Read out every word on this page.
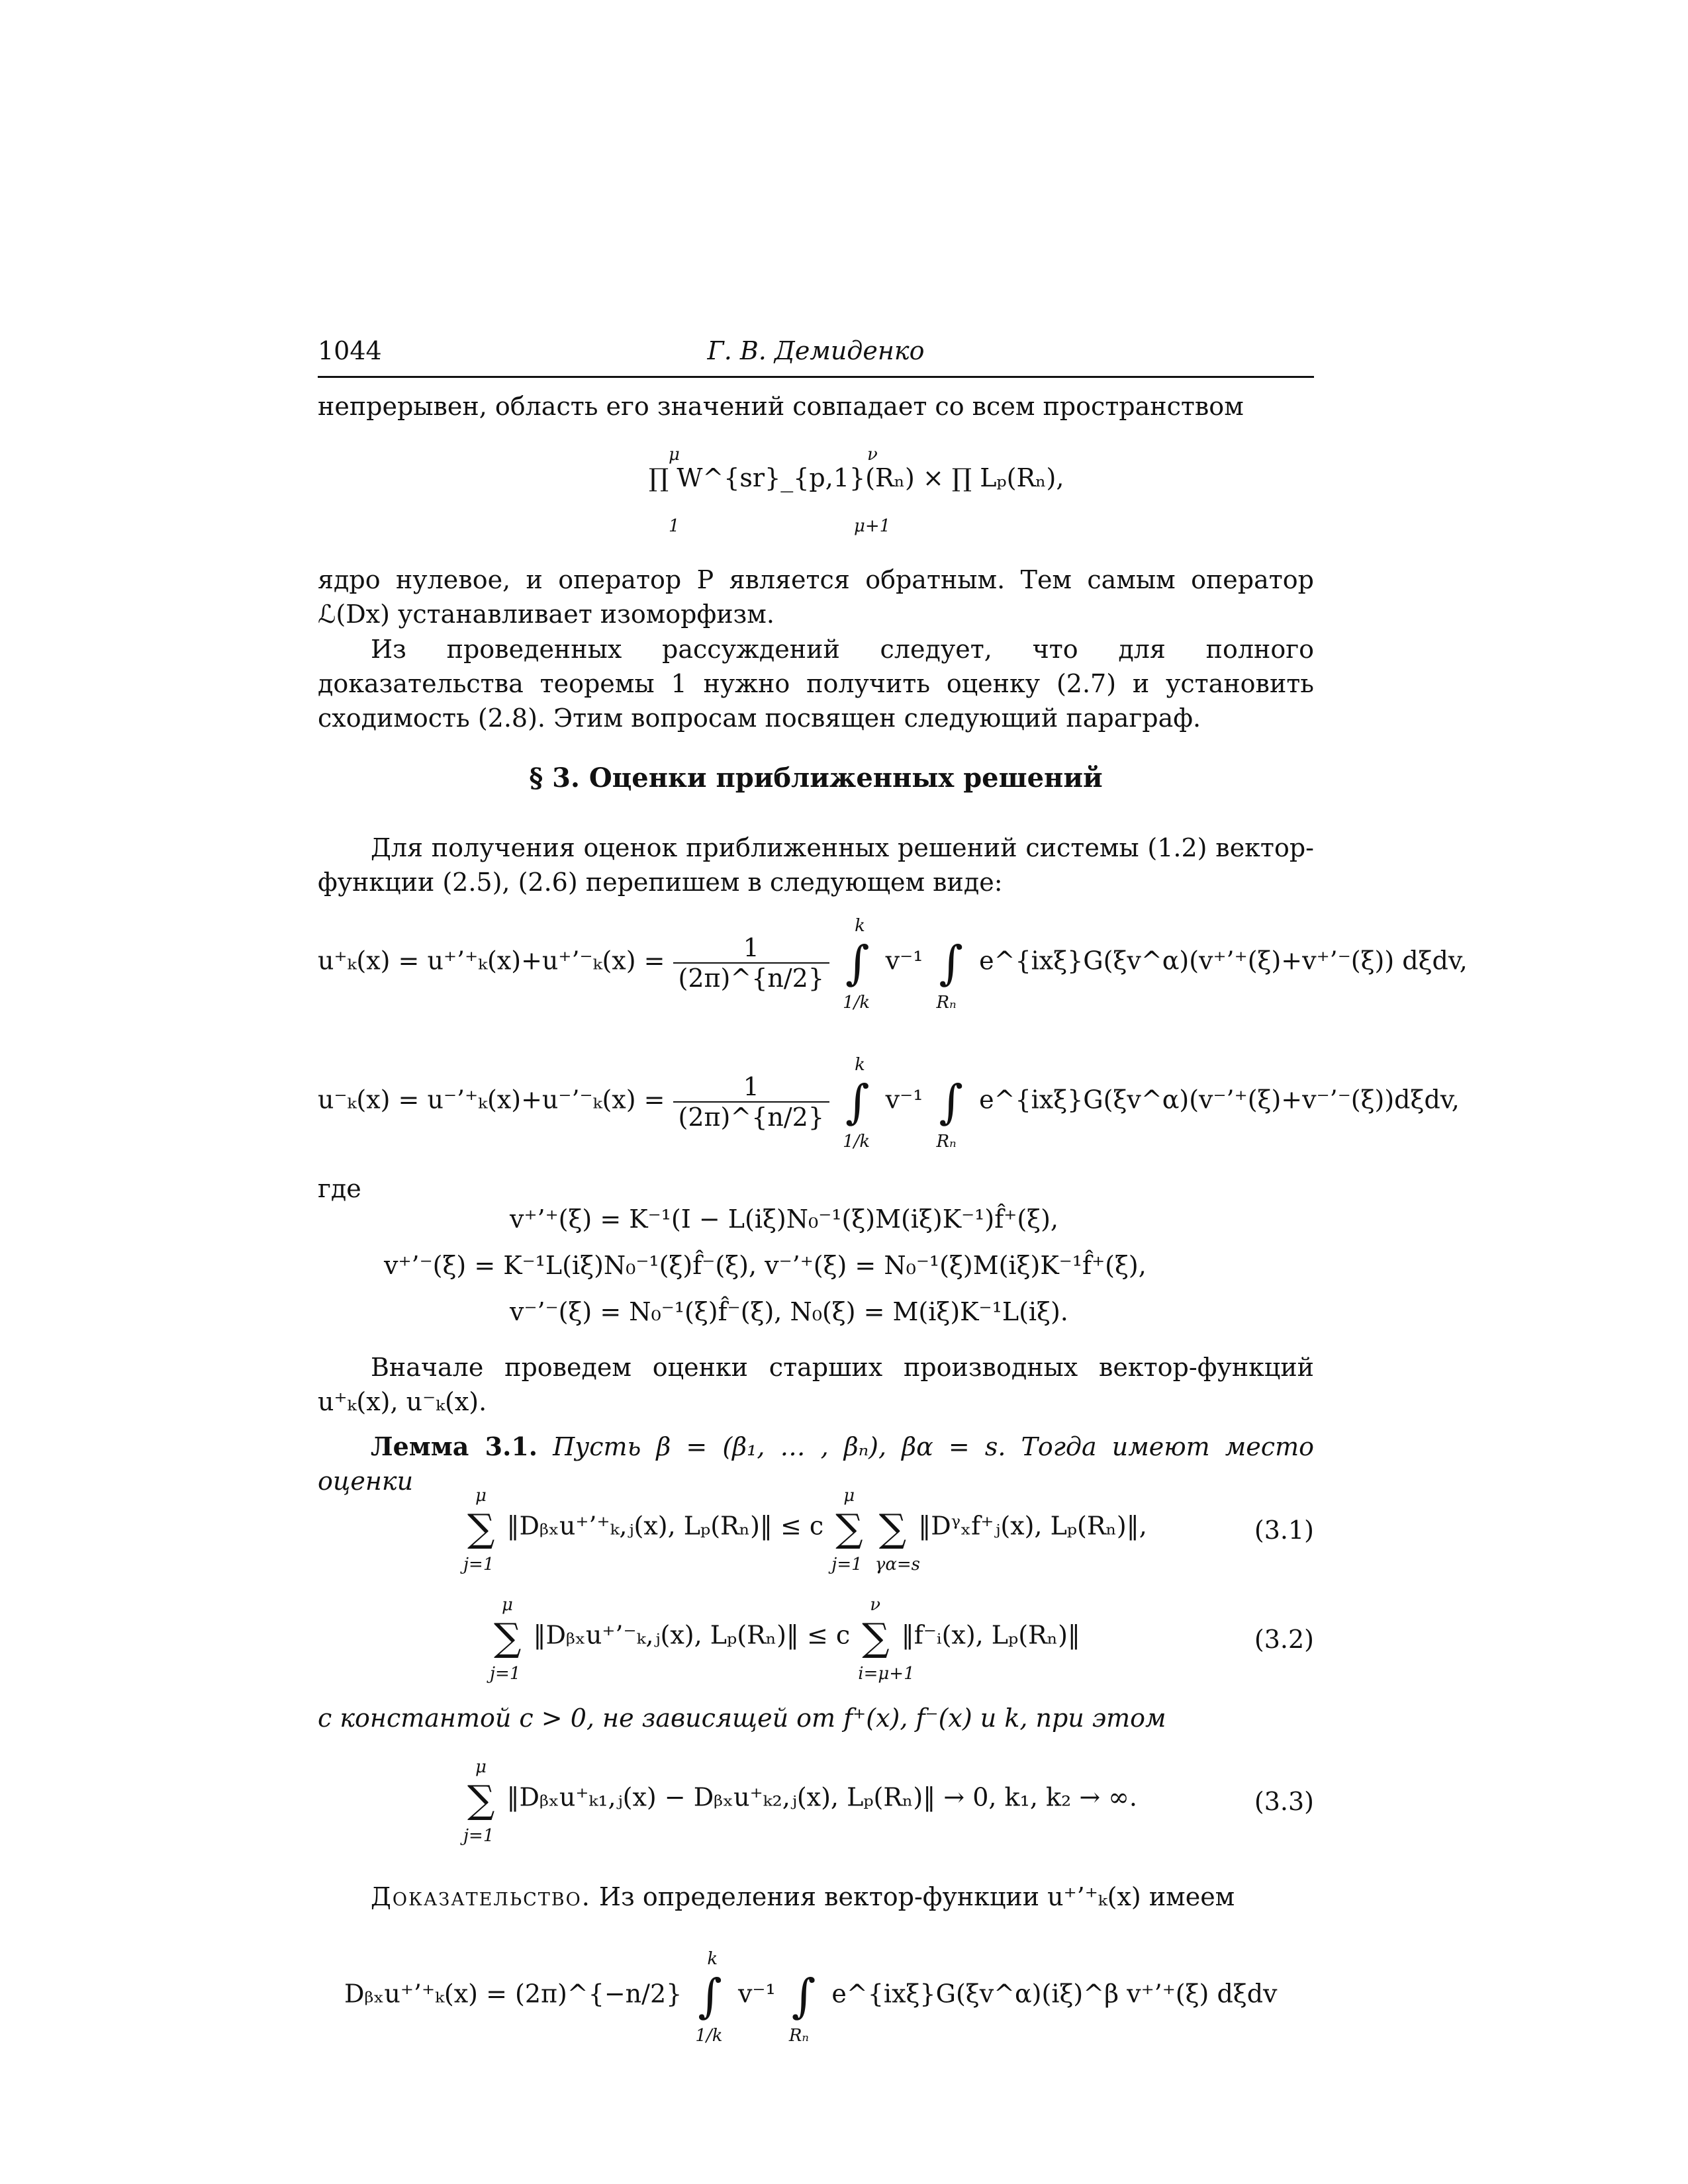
1044	Г. В. Демиденко
непрерывен, область его значений совпадает со всем пространством
∏ W^{sr}_{p,1}(Rₙ) × ∏ Lₚ(Rₙ),
μ
1
ν
μ+1
ядро нулевое, и оператор P является обратным. Тем самым оператор ℒ(Dx) устанавливает изоморфизм.
Из проведенных рассуждений следует, что для полного доказательства теоремы 1 нужно получить оценку (2.7) и установить сходимость (2.8). Этим вопросам посвящен следующий параграф.
§ 3. Оценки приближенных решений
Для получения оценок приближенных решений системы (1.2) вектор-функции (2.5), (2.6) перепишем в следующем виде:
u⁺ₖ(x) = u⁺’⁺ₖ(x)+u⁺’⁻ₖ(x) = $\frac{1}{(2\pi)\^{}\{n/2\}}$ ∫
k
1/k
v⁻¹ ∫
Rₙ
e^{ixξ}G(ξv^α)(v⁺’⁺(ξ)+v⁺’⁻(ξ)) dξdv,
u⁻ₖ(x) = u⁻’⁺ₖ(x)+u⁻’⁻ₖ(x) = $\frac{1}{(2\pi)\^{}\{n/2\}}$ ∫
k
1/k
v⁻¹ ∫
Rₙ
e^{ixξ}G(ξv^α)(v⁻’⁺(ξ)+v⁻’⁻(ξ))dξdv,
где
v⁺’⁺(ξ) = K⁻¹(I − L(iξ)N₀⁻¹(ξ)M(iξ)K⁻¹)f̂⁺(ξ),
v⁺’⁻(ξ) = K⁻¹L(iξ)N₀⁻¹(ξ)f̂⁻(ξ), v⁻’⁺(ξ) = N₀⁻¹(ξ)M(iξ)K⁻¹f̂⁺(ξ),
v⁻’⁻(ξ) = N₀⁻¹(ξ)f̂⁻(ξ), N₀(ξ) = M(iξ)K⁻¹L(iξ).
Вначале проведем оценки старших производных вектор-функций u⁺ₖ(x), u⁻ₖ(x).
Лемма 3.1. Пусть β = (β₁, … , βₙ), βα = s. Тогда имеют место оценки
∑
μ
j=1
‖Dᵦₓu⁺’⁺ₖ,ⱼ(x), Lₚ(Rₙ)‖ ≤ c ∑
μ
j=1
∑
γα=s
‖Dᵞₓf⁺ⱼ(x), Lₚ(Rₙ)‖,	(3.1)
∑
μ
j=1
‖Dᵦₓu⁺’⁻ₖ,ⱼ(x), Lₚ(Rₙ)‖ ≤ c ∑
ν
i=μ+1
‖f⁻ᵢ(x), Lₚ(Rₙ)‖	(3.2)
с константой c > 0, не зависящей от f⁺(x), f⁻(x) и k, при этом
∑
μ
j=1
‖Dᵦₓu⁺ₖ₁,ⱼ(x) − Dᵦₓu⁺ₖ₂,ⱼ(x), Lₚ(Rₙ)‖ → 0, k₁, k₂ → ∞.	(3.3)
Доказательство. Из определения вектор-функции u⁺’⁺ₖ(x) имеем
Dᵦₓu⁺’⁺ₖ(x) = (2π)^{−n/2} ∫
k
1/k
v⁻¹ ∫
Rₙ
e^{ixξ}G(ξv^α)(iξ)^β v⁺’⁺(ξ) dξdv
